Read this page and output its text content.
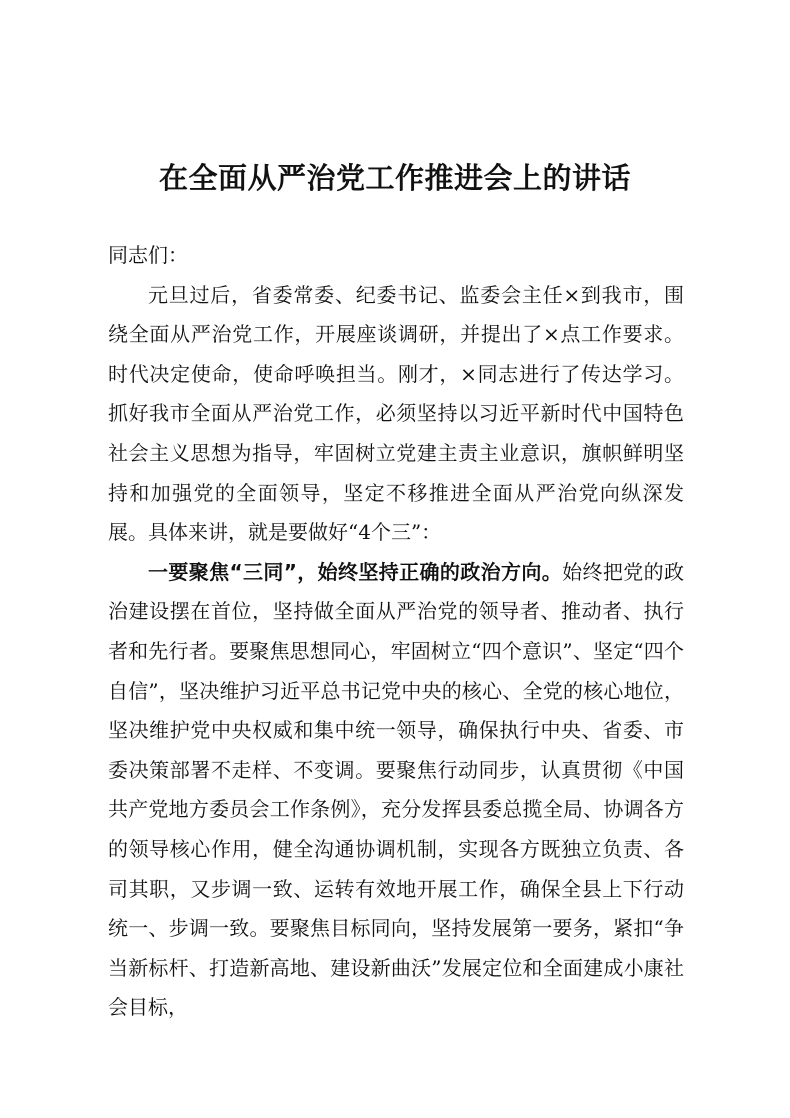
在全面从严治党工作推进会上的讲话

同志们：

元旦过后，省委常委、纪委书记、监委会主任×到我市，围绕全面从严治党工作，开展座谈调研，并提出了×点工作要求。时代决定使命，使命呼唤担当。刚才，×同志进行了传达学习。抓好我市全面从严治党工作，必须坚持以习近平新时代中国特色社会主义思想为指导，牢固树立党建主责主业意识，旗帜鲜明坚持和加强党的全面领导，坚定不移推进全面从严治党向纵深发展。具体来讲，就是要做好“4个三”：

一要聚焦“三同”，始终坚持正确的政治方向。始终把党的政治建设摆在首位，坚持做全面从严治党的领导者、推动者、执行者和先行者。要聚焦思想同心，牢固树立“四个意识”、坚定“四个自信”，坚决维护习近平总书记党中央的核心、全党的核心地位，坚决维护党中央权威和集中统一领导，确保执行中央、省委、市委决策部署不走样、不变调。要聚焦行动同步，认真贯彻《中国共产党地方委员会工作条例》，充分发挥县委总揽全局、协调各方的领导核心作用，健全沟通协调机制，实现各方既独立负责、各司其职，又步调一致、运转有效地开展工作，确保全县上下行动统一、步调一致。要聚焦目标同向，坚持发展第一要务，紧扣“争当新标杆、打造新高地、建设新曲沃”发展定位和全面建成小康社会目标，
